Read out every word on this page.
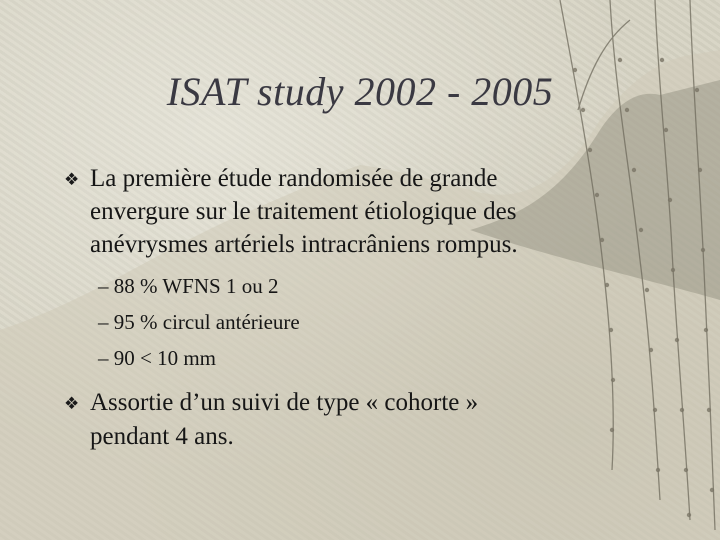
ISAT study 2002 - 2005
❖ La première étude randomisée de grande
envergure sur le traitement étiologique des
anévrysmes artériels intracrâniens rompus.
– 88 % WFNS 1 ou 2
– 95 % circul antérieure
– 90 < 10 mm
❖ Assortie d’un suivi de type « cohorte »
pendant 4 ans.
